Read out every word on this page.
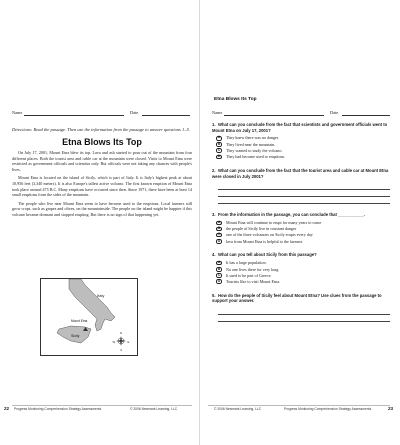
Etna Blows Its Top
Name	Date

Directions: Read the passage. Then use the information from the passage to answer questions 1–5.

Etna Blows Its Top

On July 17, 2001, Mount Etna blew its top. Lava and ash started to pour out of the mountain from four different places. Both the tourist area and cable car at the mountain were closed. Visits to Mount Etna were restricted as government officials and scientists only. But officials were not taking any chances with people's lives.

Mount Etna is located on the island of Sicily, which is part of Italy. It is Italy's highest peak at about 10,956 feet (3,340 meters). It is also Europe's tallest active volcano. The first known eruption of Mount Etna took place around 475 B.C. Many eruptions have occurred since then. Since 1971, there have been at least 14 small eruptions from the sides of the mountain.

The people who live near Mount Etna seem to have become used to the eruptions. Local farmers still grow crops, such as grapes and olives, on the mountainside. The people on the island might be happier if this volcano became dormant and stopped erupting. But there is no sign of that happening yet.

Italy
Mount Etna
Sicily
N
S
E
W
Name	Date
1. What can you conclude from the fact that scientists and government officials went to Mount Etna on July 17, 2001?
A	They knew there was no danger.
B	They lived near the mountain.
C	They wanted to study the volcano.
D	They had become used to eruptions.
2. What can you conclude from the fact that the tourist area and cable car at Mount Etna were closed in July 2001?
3. From the information in the passage, you can conclude that ___________.
A	Mount Etna will continue to erupt for many years to come
B	the people of Sicily live in constant danger
C	one of the three volcanoes on Sicily erupts every day
D	lava from Mount Etna is helpful to the farmers
4. What can you tell about Sicily from this passage?
A	It has a large population.
B	No one lives there for very long.
C	It used to be part of Greece.
D	Tourists like to visit Mount Etna.
5. How do the people of Sicily feel about Mount Etna? Use clues from the passage to support your answer.
22 Progress Monitoring Comprehension Strategy Assessments	© 2006 Newmark Learning, LLC	© 2006 Newmark Learning, LLC	Progress Monitoring Comprehension Strategy Assessments	23
